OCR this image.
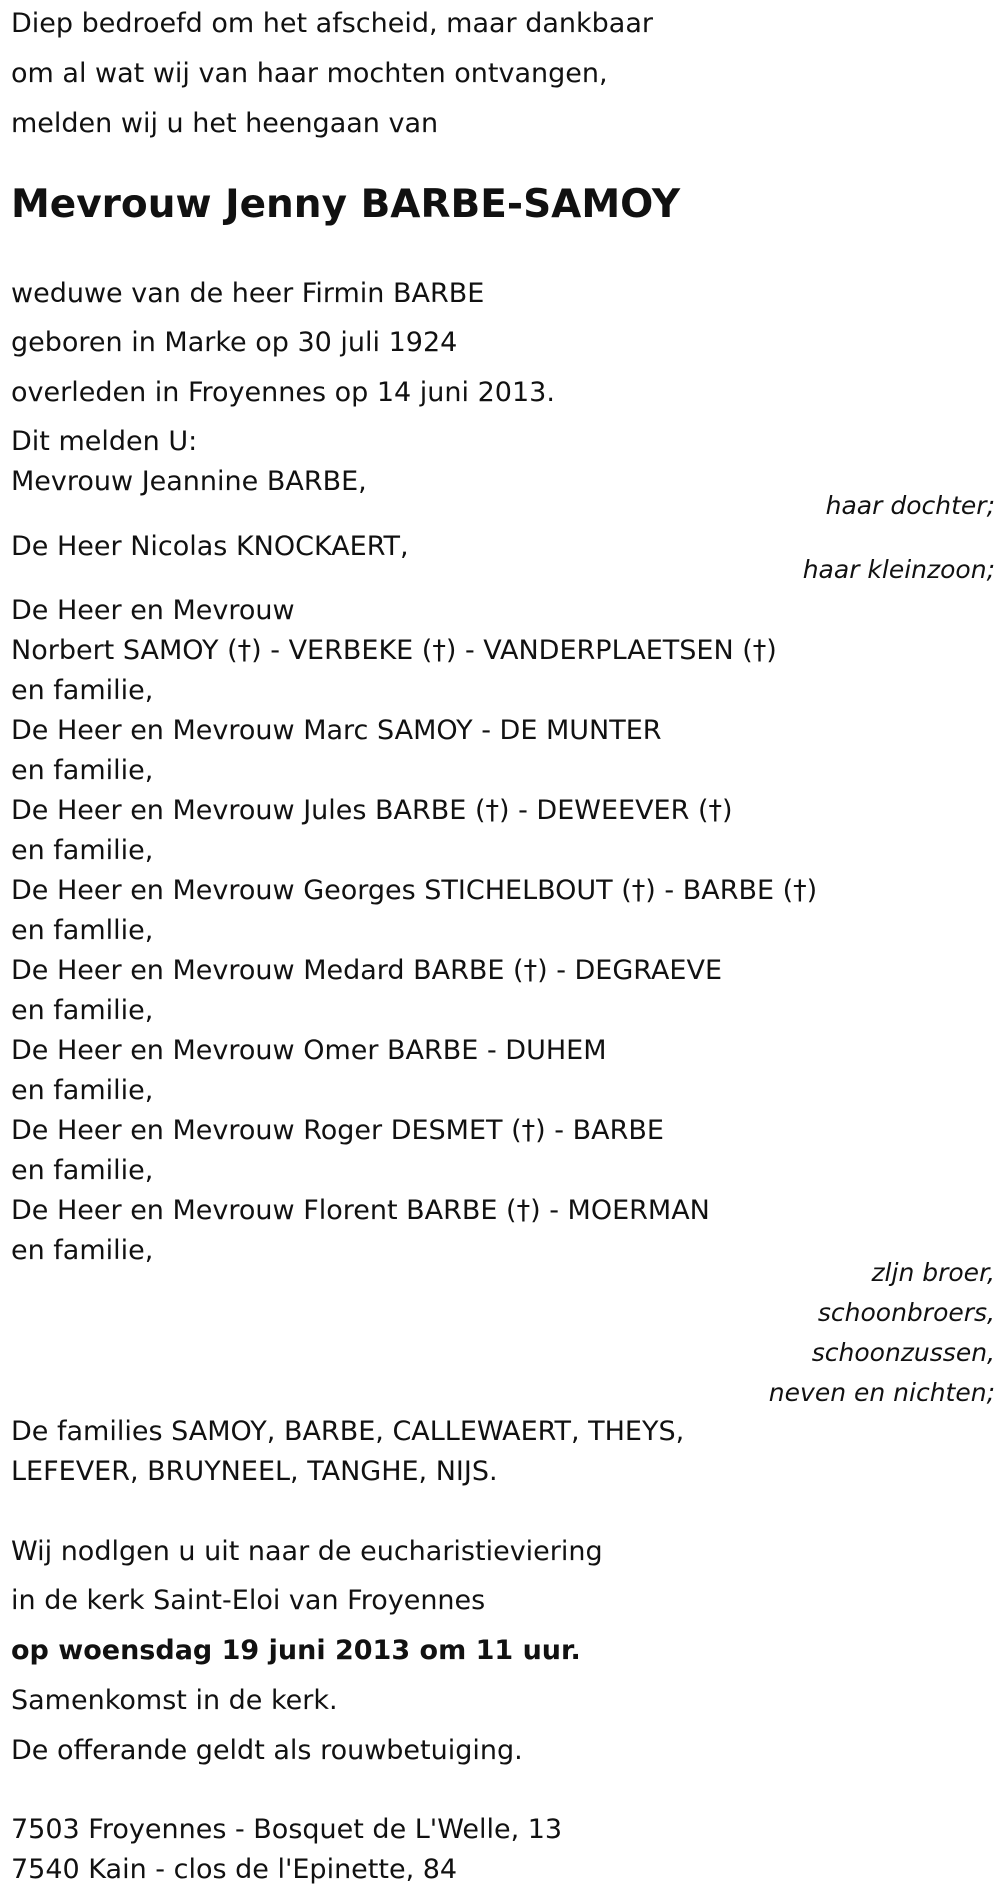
Diep bedroefd om het afscheid, maar dankbaar
om al wat wij van haar mochten ontvangen,
melden wij u het heengaan van
Mevrouw Jenny BARBE-SAMOY
weduwe van de heer Firmin BARBE
geboren in Marke op 30 juli 1924
overleden in Froyennes op 14 juni 2013.
Dit melden U:
Mevrouw Jeannine BARBE,
haar dochter;
De Heer Nicolas KNOCKAERT,
haar kleinzoon;
De Heer en Mevrouw
Norbert SAMOY (†) - VERBEKE (†) - VANDERPLAETSEN (†)
en familie,
De Heer en Mevrouw Marc SAMOY - DE MUNTER
en familie,
De Heer en Mevrouw Jules BARBE (†) - DEWEEVER (†)
en familie,
De Heer en Mevrouw Georges STICHELBOUT (†) - BARBE (†)
en famllie,
De Heer en Mevrouw Medard BARBE (†) - DEGRAEVE
en familie,
De Heer en Mevrouw Omer BARBE - DUHEM
en familie,
De Heer en Mevrouw Roger DESMET (†) - BARBE
en familie,
De Heer en Mevrouw Florent BARBE (†) - MOERMAN
en familie,
zljn broer,
schoonbroers,
schoonzussen,
neven en nichten;
De families SAMOY, BARBE, CALLEWAERT, THEYS,
LEFEVER, BRUYNEEL, TANGHE, NIJS.
Wij nodlgen u uit naar de eucharistieviering
in de kerk Saint-Eloi van Froyennes
op woensdag 19 juni 2013 om 11 uur.
Samenkomst in de kerk.
De offerande geldt als rouwbetuiging.
7503 Froyennes - Bosquet de L'Welle, 13
7540 Kain - clos de l'Epinette, 84
